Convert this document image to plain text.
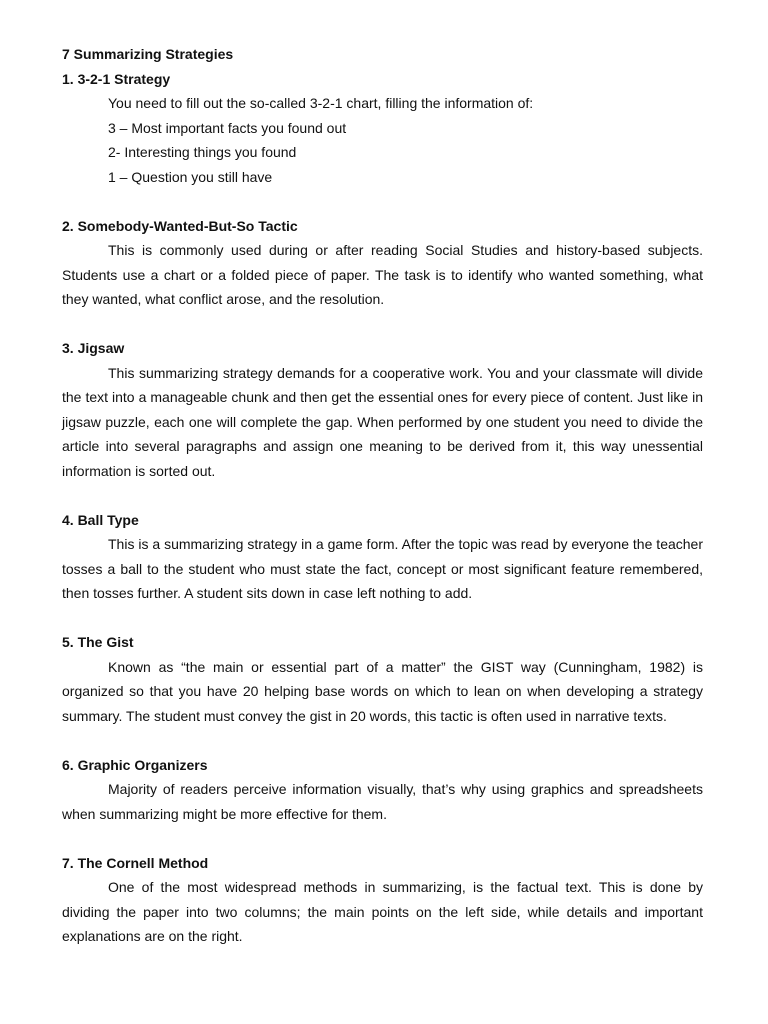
7 Summarizing Strategies

1. 3-2-1 Strategy

You need to fill out the so-called 3-2-1 chart, filling the information of:

3 – Most important facts you found out

2- Interesting things you found

1 – Question you still have

2. Somebody-Wanted-But-So Tactic

This is commonly used during or after reading Social Studies and history-based subjects. Students use a chart or a folded piece of paper. The task is to identify who wanted something, what they wanted, what conflict arose, and the resolution.

3. Jigsaw

This summarizing strategy demands for a cooperative work. You and your classmate will divide the text into a manageable chunk and then get the essential ones for every piece of content. Just like in jigsaw puzzle, each one will complete the gap. When performed by one student you need to divide the article into several paragraphs and assign one meaning to be derived from it, this way unessential information is sorted out.

4. Ball Type

This is a summarizing strategy in a game form. After the topic was read by everyone the teacher tosses a ball to the student who must state the fact, concept or most significant feature remembered, then tosses further. A student sits down in case left nothing to add.

5. The Gist

Known as “the main or essential part of a matter” the GIST way (Cunningham, 1982) is organized so that you have 20 helping base words on which to lean on when developing a strategy summary. The student must convey the gist in 20 words, this tactic is often used in narrative texts.

6. Graphic Organizers

Majority of readers perceive information visually, that’s why using graphics and spreadsheets when summarizing might be more effective for them.

7. The Cornell Method

One of the most widespread methods in summarizing, is the factual text. This is done by dividing the paper into two columns; the main points on the left side, while details and important explanations are on the right.
